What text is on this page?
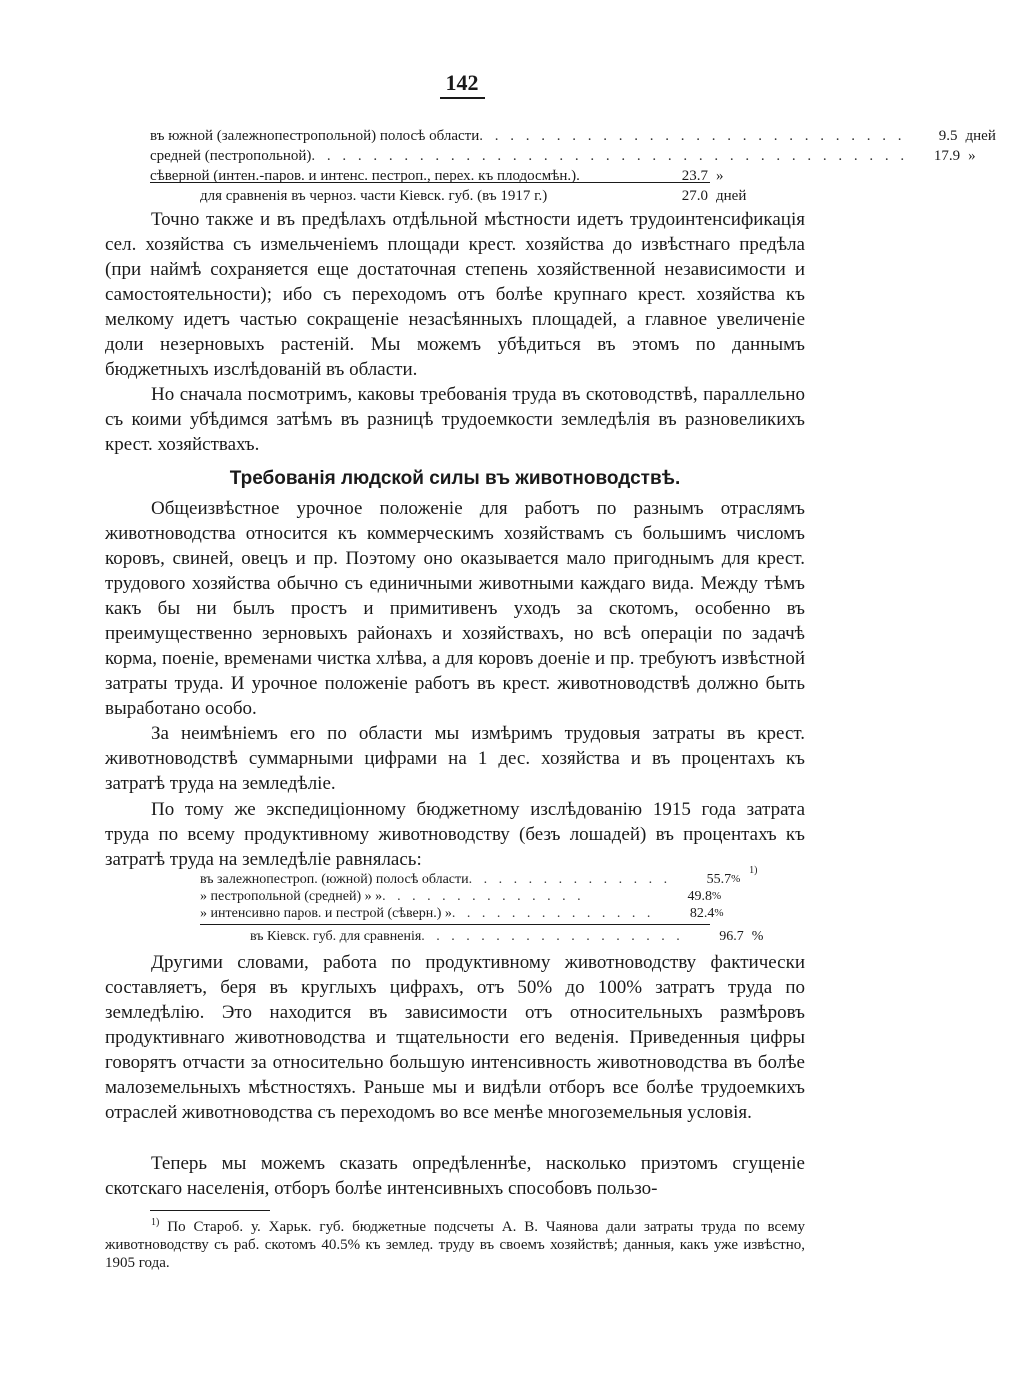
142
въ южной (залежнопестропольной) полосѣ области . . . . . . . . . . . . . . . . . . . . . . . . . . . .	9.5 дней
средней (пестропольной) . . . . . . . . . . . . . . . . . . . . . . . . . . . . . . . . . . . . . . .	17.9 »
сѣверной (интен.-паров. и интенс. пестроп., перех. къ плодосмѣн.).	23.7 »
для сравненія въ черноз. части Кіевск. губ. (въ 1917 г.)	27.0 дней

Точно также и въ предѣлахъ отдѣльной мѣстности идетъ трудоинтенсификація сел. хозяйства съ измельченіемъ площади крест. хозяйства до извѣстнаго предѣла (при наймѣ сохраняется еще достаточная степень хозяйственной независимости и самостоятельности); ибо съ переходомъ отъ болѣе крупнаго крест. хозяйства къ мелкому идетъ частью сокращеніе незасѣянныхъ площадей, а главное увеличеніе доли незерновыхъ растеній. Мы можемъ убѣдиться въ этомъ по даннымъ бюджетныхъ изслѣдованій въ области.

Но сначала посмотримъ, каковы требованія труда въ скотоводствѣ, параллельно съ коими убѣдимся затѣмъ въ разницѣ трудоемкости земледѣлія въ разновеликихъ крест. хозяйствахъ.

Требованія людской силы въ животноводствѣ.

Общеизвѣстное урочное положеніе для работъ по разнымъ отраслямъ животноводства относится къ коммерческимъ хозяйствамъ съ большимъ числомъ коровъ, свиней, овецъ и пр. Поэтому оно оказывается мало пригоднымъ для крест. трудового хозяйства обычно съ единичными животными каждаго вида. Между тѣмъ какъ бы ни былъ простъ и примитивенъ уходъ за скотомъ, особенно въ преимущественно зерновыхъ районахъ и хозяйствахъ, но всѣ операціи по задачѣ корма, поеніе, временами чистка хлѣва, а для коровъ доеніе и пр. требуютъ извѣстной затраты труда. И урочное положеніе работъ въ крест. животноводствѣ должно быть выработано особо.

За неимѣніемъ его по области мы измѣримъ трудовыя затраты въ крест. животноводствѣ суммарными цифрами на 1 дес. хозяйства и въ процентахъ къ затратѣ труда на земледѣліе.

По тому же экспедиціонному бюджетному изслѣдованію 1915 года затрата труда по всему продуктивному животноводству (безъ лошадей) въ процентахъ къ затратѣ труда на земледѣліе равнялась:

въ залежнопестроп. (южной) полосѣ области . . . . . . . . . . . . . .	55.7 %
1)
» пестропольной (средней) » » . . . . . . . . . . . . . .	49.8 %
» интенсивно паров. и пестрой (сѣверн.) » . . . . . . . . . . . . . .	82.4 %
въ Кіевск. губ. для сравненія . . . . . . . . . . . . . . . . . .	96.7 %

Другими словами, работа по продуктивному животноводству фактически составляетъ, беря въ круглыхъ цифрахъ, отъ 50% до 100% затратъ труда по земледѣлію. Это находится въ зависимости отъ относительныхъ размѣровъ продуктивнаго животноводства и тщательности его веденія. Приведенныя цифры говорятъ отчасти за относительно большую интенсивность животноводства въ болѣе малоземельныхъ мѣстностяхъ. Раньше мы и видѣли отборъ все болѣе трудоемкихъ отраслей животноводства съ переходомъ во все менѣе многоземельныя условія.

Теперь мы можемъ сказать опредѣленнѣе, насколько приэтомъ сгущеніе скотскаго населенія, отборъ болѣе интенсивныхъ способовъ пользо-

$^{1)}$ По Староб. у. Харьк. губ. бюджетные подсчеты А. В. Чаянова дали затраты труда по всему животноводству съ раб. скотомъ 40.5% къ землед. труду въ своемъ хозяйствѣ; данныя, какъ уже извѣстно, 1905 года.
